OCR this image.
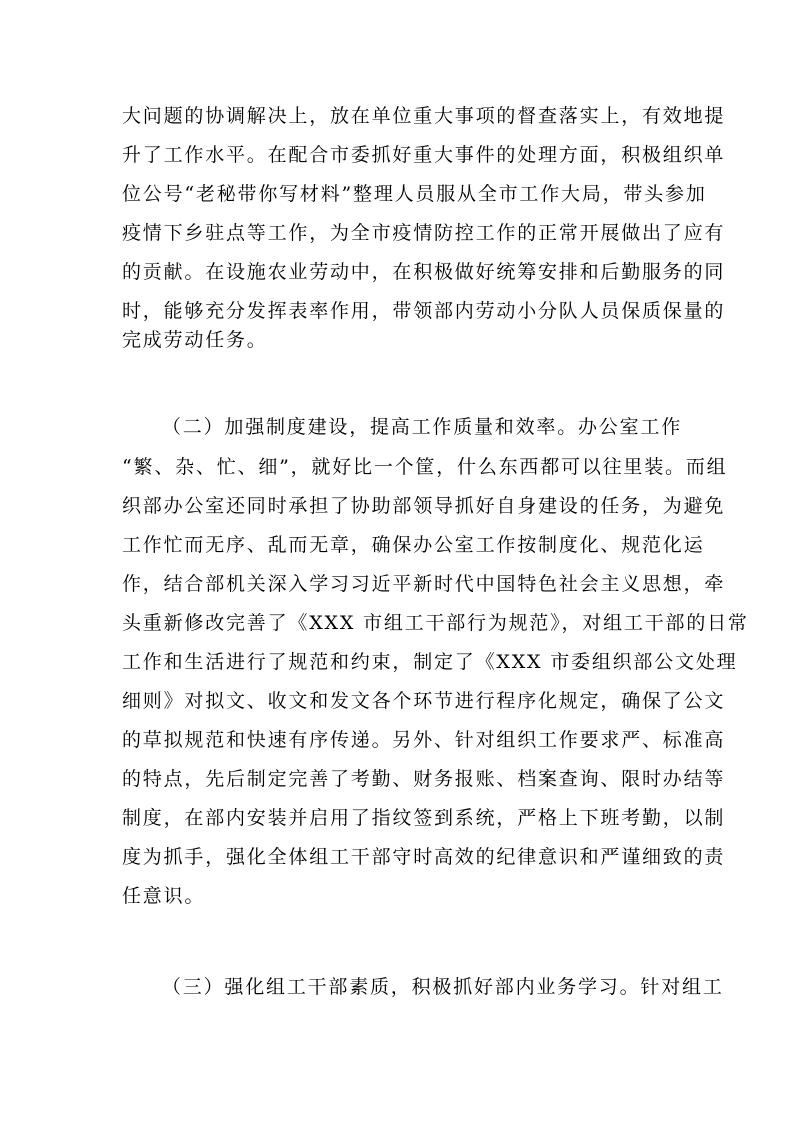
大问题的协调解决上，放在单位重大事项的督查落实上，有效地提
升了工作水平。在配合市委抓好重大事件的处理方面，积极组织单
位公号“老秘带你写材料”整理人员服从全市工作大局，带头参加
疫情下乡驻点等工作，为全市疫情防控工作的正常开展做出了应有
的贡献。在设施农业劳动中，在积极做好统筹安排和后勤服务的同
时，能够充分发挥表率作用，带领部内劳动小分队人员保质保量的
完成劳动任务。
（二）加强制度建设，提高工作质量和效率。办公室工作
“繁、杂、忙、细”，就好比一个筐，什么东西都可以往里装。而组
织部办公室还同时承担了协助部领导抓好自身建设的任务，为避免
工作忙而无序、乱而无章，确保办公室工作按制度化、规范化运
作，结合部机关深入学习习近平新时代中国特色社会主义思想，牵
头重新修改完善了《XXX 市组工干部行为规范》，对组工干部的日常
工作和生活进行了规范和约束，制定了《XXX 市委组织部公文处理
细则》对拟文、收文和发文各个环节进行程序化规定，确保了公文
的草拟规范和快速有序传递。另外、针对组织工作要求严、标准高
的特点，先后制定完善了考勤、财务报账、档案查询、限时办结等
制度，在部内安装并启用了指纹签到系统，严格上下班考勤，以制
度为抓手，强化全体组工干部守时高效的纪律意识和严谨细致的责
任意识。
（三）强化组工干部素质，积极抓好部内业务学习。针对组工
